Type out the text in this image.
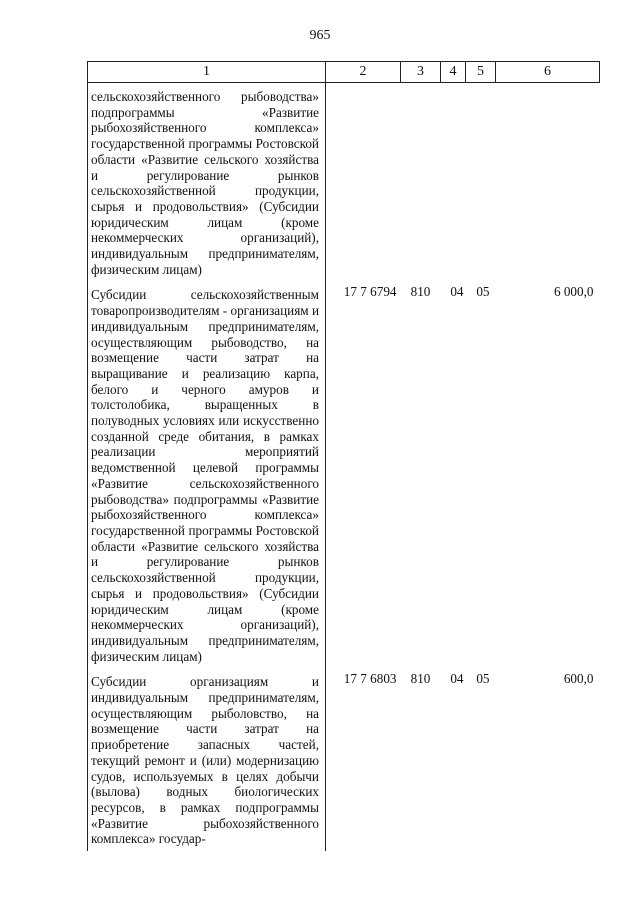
965
1	2	3	4	5	6
сельскохозяйственного рыбоводства» подпрограммы «Развитие рыбохозяйственного комплекса» государственной программы Ростовской области «Развитие сельского хозяйства и регулирование рынков сельскохозяйственной продукции, сырья и продовольствия» (Субсидии юридическим лицам (кроме некоммерческих организаций), индивидуальным предпринимателям, физическим лицам)					
Субсидии сельскохозяйственным товаропроизводителям - организациям и индивидуальным предпринимателям, осуществляющим рыбоводство, на возмещение части затрат на выращивание и реализацию карпа, белого и черного амуров и толстолобика, выращенных в полуводных условиях или искусственно созданной среде обитания, в рамках реализации мероприятий ведомственной целевой программы «Развитие сельскохозяйственного рыбоводства» подпрограммы «Развитие рыбохозяйственного комплекса» государственной программы Ростовской области «Развитие сельского хозяйства и регулирование рынков сельскохозяйственной продукции, сырья и продовольствия» (Субсидии юридическим лицам (кроме некоммерческих организаций), индивидуальным предпринимателям, физическим лицам)	17 7 6794	810	04	05	6 000,0
Субсидии организациям и индивидуальным предпринимателям, осуществляющим рыболовство, на возмещение части затрат на приобретение запасных частей, текущий ремонт и (или) модернизацию судов, используемых в целях добычи (вылова) водных биологических ресурсов, в рамках подпрограммы «Развитие рыбохозяйственного комплекса» государ-	17 7 6803	810	04	05	600,0
